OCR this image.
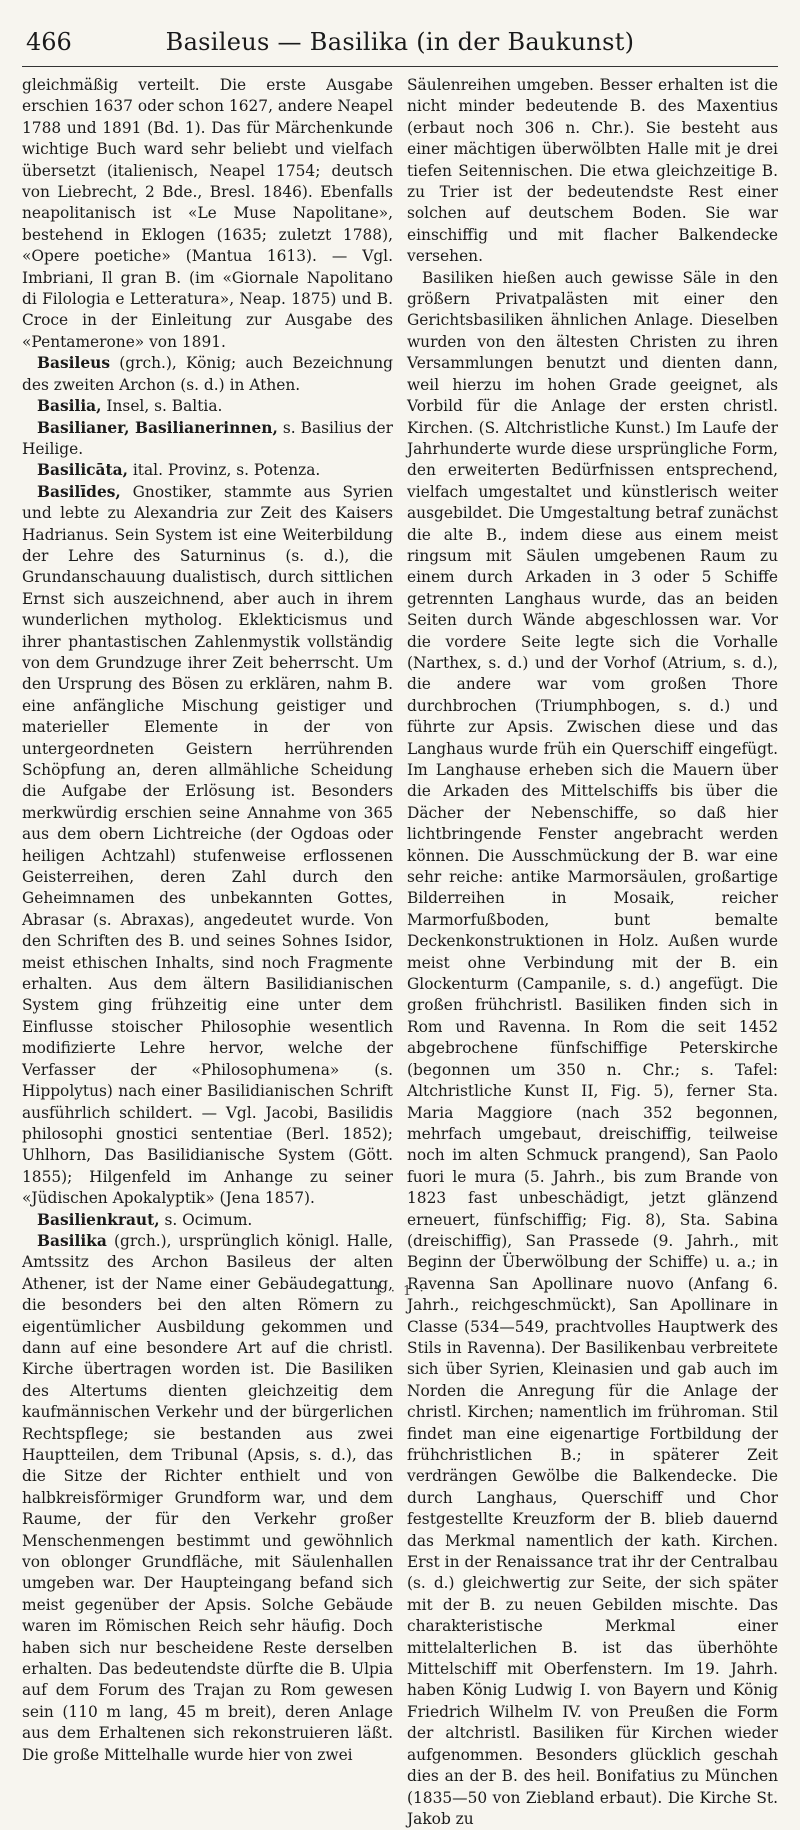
466	Basileus — Basilika (in der Baukunst)

gleichmäßig verteilt. Die erste Ausgabe erschien 1637 oder schon 1627, andere Neapel 1788 und 1891 (Bd. 1). Das für Märchenkunde wichtige Buch ward sehr beliebt und vielfach übersetzt (italienisch, Neapel 1754; deutsch von Liebrecht, 2 Bde., Bresl. 1846). Ebenfalls neapolitanisch ist «Le Muse Napolitane», bestehend in Eklogen (1635; zuletzt 1788), «Opere poetiche» (Mantua 1613). — Vgl. Imbriani, Il gran B. (im «Giornale Napolitano di Filologia e Letteratura», Neap. 1875) und B. Croce in der Einleitung zur Ausgabe des «Pentamerone» von 1891.

Basileus (grch.), König; auch Bezeichnung des zweiten Archon (s. d.) in Athen.

Basilia, Insel, s. Baltia.

Basilianer, Basilianerinnen, s. Basilius der Heilige.

Basilicāta, ital. Provinz, s. Potenza.

Basilīdes, Gnostiker, stammte aus Syrien und lebte zu Alexandria zur Zeit des Kaisers Hadrianus. Sein System ist eine Weiterbildung der Lehre des Saturninus (s. d.), die Grundanschauung dualistisch, durch sittlichen Ernst sich auszeichnend, aber auch in ihrem wunderlichen mytholog. Eklekticismus und ihrer phantastischen Zahlenmystik vollständig von dem Grundzuge ihrer Zeit beherrscht. Um den Ursprung des Bösen zu erklären, nahm B. eine anfängliche Mischung geistiger und materieller Elemente in der von untergeordneten Geistern herrührenden Schöpfung an, deren allmähliche Scheidung die Aufgabe der Erlösung ist. Besonders merkwürdig erschien seine Annahme von 365 aus dem obern Lichtreiche (der Ogdoas oder heiligen Achtzahl) stufenweise erflossenen Geisterreihen, deren Zahl durch den Geheimnamen des unbekannten Gottes, Abrasar (s. Abraxas), angedeutet wurde. Von den Schriften des B. und seines Sohnes Isidor, meist ethischen Inhalts, sind noch Fragmente erhalten. Aus dem ältern Basilidianischen System ging frühzeitig eine unter dem Einflusse stoischer Philosophie wesentlich modifizierte Lehre hervor, welche der Verfasser der «Philosophumena» (s. Hippolytus) nach einer Basilidianischen Schrift ausführlich schildert. — Vgl. Jacobi, Basilidis philosophi gnostici sententiae (Berl. 1852); Uhlhorn, Das Basilidianische System (Gött. 1855); Hilgenfeld im Anhange zu seiner «Jüdischen Apokalyptik» (Jena 1857).

Basilienkraut, s. Ocimum.

Basilika (grch.), ursprünglich königl. Halle, Amtssitz des Archon Basileus der alten Athener, ist der Name einer Gebäudegattung, die besonders bei den alten Römern zu eigentümlicher Ausbildung gekommen und dann auf eine besondere Art auf die christl. Kirche übertragen worden ist. Die Basiliken des Altertums dienten gleichzeitig dem kaufmännischen Verkehr und der bürgerlichen Rechtspflege; sie bestanden aus zwei Hauptteilen, dem Tribunal (Apsis, s. d.), das die Sitze der Richter enthielt und von halbkreisförmiger Grundform war, und dem Raume, der für den Verkehr großer Menschenmengen bestimmt und gewöhnlich von oblonger Grundfläche, mit Säulenhallen umgeben war. Der Haupteingang befand sich meist gegenüber der Apsis. Solche Gebäude waren im Römischen Reich sehr häufig. Doch haben sich nur bescheidene Reste derselben erhalten. Das bedeutendste dürfte die B. Ulpia auf dem Forum des Trajan zu Rom gewesen sein (110 m lang, 45 m breit), deren Anlage aus dem Erhaltenen sich rekonstruieren läßt. Die große Mittelhalle wurde hier von zwei

Säulenreihen umgeben. Besser erhalten ist die nicht minder bedeutende B. des Maxentius (erbaut noch 306 n. Chr.). Sie besteht aus einer mächtigen überwölbten Halle mit je drei tiefen Seitennischen. Die etwa gleichzeitige B. zu Trier ist der bedeutendste Rest einer solchen auf deutschem Boden. Sie war einschiffig und mit flacher Balkendecke versehen.

Basiliken hießen auch gewisse Säle in den größern Privatpalästen mit einer den Gerichtsbasiliken ähnlichen Anlage. Dieselben wurden von den ältesten Christen zu ihren Versammlungen benutzt und dienten dann, weil hierzu im hohen Grade geeignet, als Vorbild für die Anlage der ersten christl. Kirchen. (S. Altchristliche Kunst.) Im Laufe der Jahrhunderte wurde diese ursprüngliche Form, den erweiterten Bedürfnissen entsprechend, vielfach umgestaltet und künstlerisch weiter ausgebildet. Die Umgestaltung betraf zunächst die alte B., indem diese aus einem meist ringsum mit Säulen umgebenen Raum zu einem durch Arkaden in 3 oder 5 Schiffe getrennten Langhaus wurde, das an beiden Seiten durch Wände abgeschlossen war. Vor die vordere Seite legte sich die Vorhalle (Narthex, s. d.) und der Vorhof (Atrium, s. d.), die andere war vom großen Thore durchbrochen (Triumphbogen, s. d.) und führte zur Apsis. Zwischen diese und das Langhaus wurde früh ein Querschiff eingefügt. Im Langhause erheben sich die Mauern über die Arkaden des Mittelschiffs bis über die Dächer der Nebenschiffe, so daß hier lichtbringende Fenster angebracht werden können. Die Ausschmückung der B. war eine sehr reiche: antike Marmorsäulen, großartige Bilderreihen in Mosaik, reicher Marmorfußboden, bunt bemalte Deckenkonstruktionen in Holz. Außen wurde meist ohne Verbindung mit der B. ein Glockenturm (Campanile, s. d.) angefügt. Die großen frühchristl. Basiliken finden sich in Rom und Ravenna. In Rom die seit 1452 abgebrochene fünfschiffige Peterskirche (begonnen um 350 n. Chr.; s. Tafel: Altchristliche Kunst II, Fig. 5), ferner Sta. Maria Maggiore (nach 352 begonnen, mehrfach umgebaut, dreischiffig, teilweise noch im alten Schmuck prangend), San Paolo fuori le mura (5. Jahrh., bis zum Brande von 1823 fast unbeschädigt, jetzt glänzend erneuert, fünfschiffig; Fig. 8), Sta. Sabina (dreischiffig), San Prassede (9. Jahrh., mit Beginn der Überwölbung der Schiffe) u. a.; in Ravenna San Apollinare nuovo (Anfang 6. Jahrh., reichgeschmückt), San Apollinare in Classe (534—549, prachtvolles Hauptwerk des Stils in Ravenna). Der Basilikenbau verbreitete sich über Syrien, Kleinasien und gab auch im Norden die Anregung für die Anlage der christl. Kirchen; namentlich im frühroman. Stil findet man eine eigenartige Fortbildung der frühchristlichen B.; in späterer Zeit verdrängen Gewölbe die Balkendecke. Die durch Langhaus, Querschiff und Chor festgestellte Kreuzform der B. blieb dauernd das Merkmal namentlich der kath. Kirchen. Erst in der Renaissance trat ihr der Centralbau (s. d.) gleichwertig zur Seite, der sich später mit der B. zu neuen Gebilden mischte. Das charakteristische Merkmal einer mittelalterlichen B. ist das überhöhte Mittelschiff mit Oberfenstern. Im 19. Jahrh. haben König Ludwig I. von Bayern und König Friedrich Wilhelm IV. von Preußen die Form der altchristl. Basiliken für Kirchen wieder aufgenommen. Besonders glücklich geschah dies an der B. des heil. Bonifatius zu München (1835—50 von Ziebland erbaut). Die Kirche St. Jakob zu

1 · 1 ·
